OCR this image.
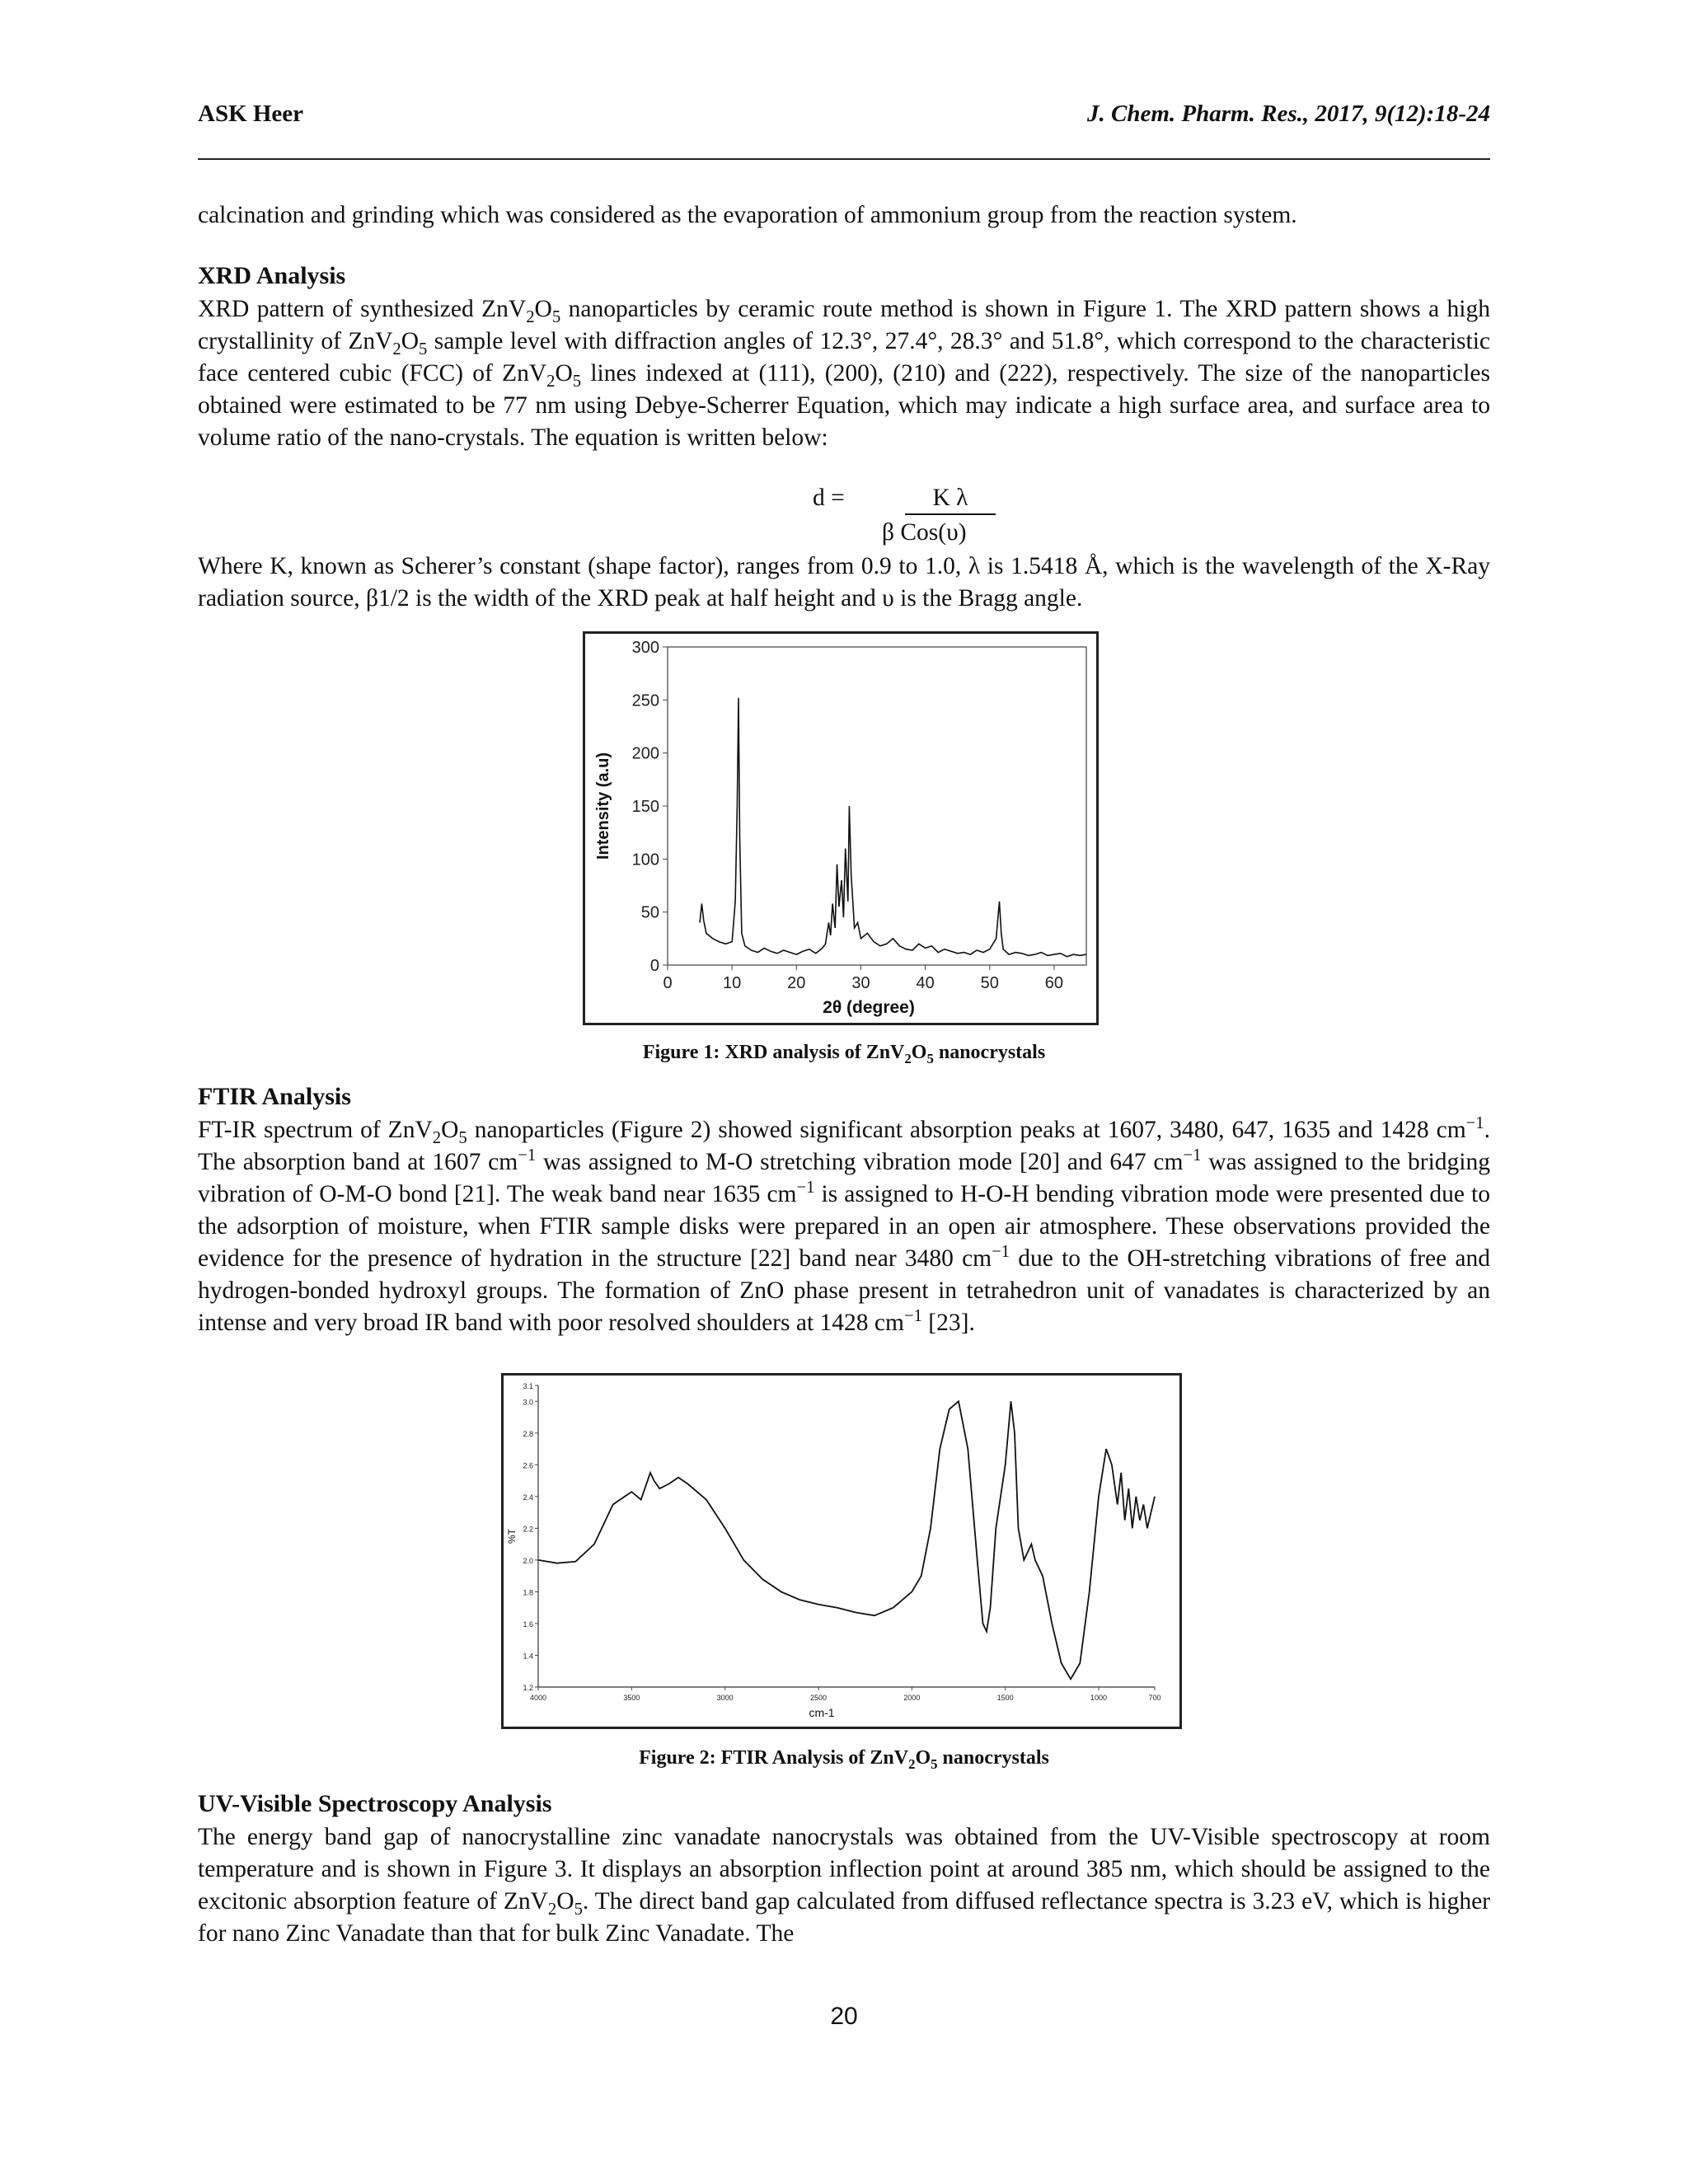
ASK Heer	J. Chem. Pharm. Res., 2017, 9(12):18-24
calcination and grinding which was considered as the evaporation of ammonium group from the reaction system.
XRD Analysis
XRD pattern of synthesized $ZnV_2O_5$ nanoparticles by ceramic route method is shown in Figure 1. The XRD pattern shows a high crystallinity of $ZnV_2O_5$ sample level with diffraction angles of 12.3°, 27.4°, 28.3° and 51.8°, which correspond to the characteristic face centered cubic (FCC) of $ZnV_2O_5$ lines indexed at (111), (200), (210) and (222), respectively. The size of the nanoparticles obtained were estimated to be 77 nm using Debye-Scherrer Equation, which may indicate a high surface area, and surface area to volume ratio of the nano-crystals. The equation is written below:
d =	K λ
β Cos(υ)
Where K, known as Scherer’s constant (shape factor), ranges from 0.9 to 1.0, λ is 1.5418 Å, which is the wavelength of the X-Ray radiation source, β1/2 is the width of the XRD peak at half height and υ is the Bragg angle.
0
50
100
150
200
250
300
0	10	20	30	40	50	60
2θ (degree)
Intensity (a.u)
Figure 1: XRD analysis of $ZnV_2O_5$ nanocrystals
FTIR Analysis
FT-IR spectrum of $ZnV_2O_5$ nanoparticles (Figure 2) showed significant absorption peaks at 1607, 3480, 647, 1635 and 1428 $cm^{-1}$. The absorption band at 1607 $cm^{-1}$ was assigned to M-O stretching vibration mode [20] and 647 $cm^{-1}$ was assigned to the bridging vibration of O-M-O bond [21]. The weak band near 1635 $cm^{-1}$ is assigned to H-O-H bending vibration mode were presented due to the adsorption of moisture, when FTIR sample disks were prepared in an open air atmosphere. These observations provided the evidence for the presence of hydration in the structure [22] band near 3480 $cm^{-1}$ due to the OH-stretching vibrations of free and hydrogen-bonded hydroxyl groups. The formation of ZnO phase present in tetrahedron unit of vanadates is characterized by an intense and very broad IR band with poor resolved shoulders at 1428 $cm^{-1}$ [23].
1.2
1.4
1.6
1.8
2.0
2.2
2.4
2.6
2.8
3.0
3.1
4000	3500	3000	2500	2000	1500	1000	700
cm-1
%T
Figure 2: FTIR Analysis of $ZnV_2O_5$ nanocrystals
UV-Visible Spectroscopy Analysis
The energy band gap of nanocrystalline zinc vanadate nanocrystals was obtained from the UV-Visible spectroscopy at room temperature and is shown in Figure 3. It displays an absorption inflection point at around 385 nm, which should be assigned to the excitonic absorption feature of $ZnV_2O_5$. The direct band gap calculated from diffused reflectance spectra is 3.23 eV, which is higher for nano Zinc Vanadate than that for bulk Zinc Vanadate. The
20
